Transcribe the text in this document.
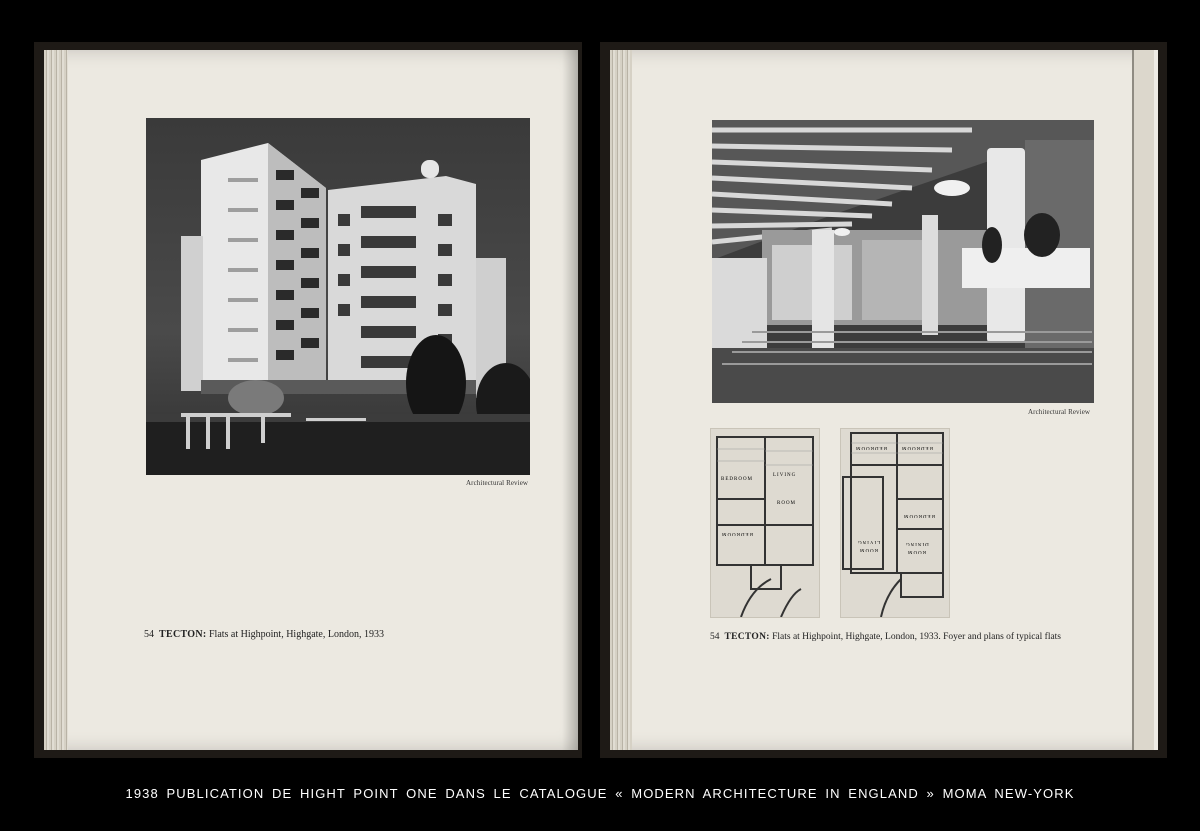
Architectural Review
54 TECTON: Flats at Highpoint, Highgate, London, 1933
Architectural Review
BEDROOM
LIVING
ROOM
BEDROOM
BEDROOM	BEDROOM
BEDROOM
LIVING
ROOM
DINING
ROOM
54 TECTON: Flats at Highpoint, Highgate, London, 1933. Foyer and plans of typical flats
1938 PUBLICATION DE HIGHT POINT ONE DANS LE CATALOGUE « MODERN ARCHITECTURE IN ENGLAND » MOMA NEW-YORK
